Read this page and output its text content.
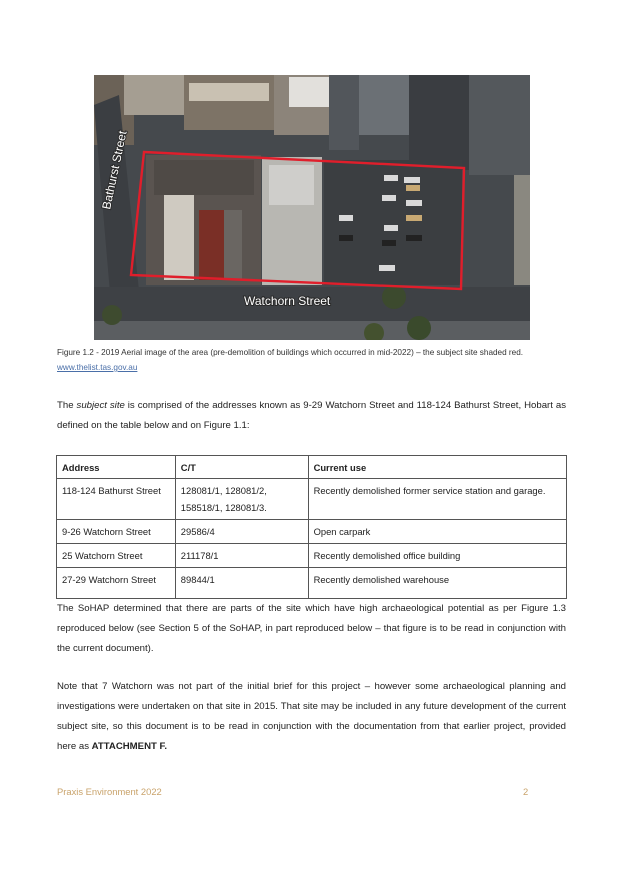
Bathurst Street
Watchorn Street
Figure 1.2 - 2019 Aerial image of the area (pre-demolition of buildings which occurred in mid-2022) – the subject site shaded red.
www.thelist.tas.gov.au
The subject site is comprised of the addresses known as 9-29 Watchorn Street and 118-124 Bathurst Street, Hobart as defined on the table below and on Figure 1.1:
Address	C/T	Current use
118-124 Bathurst Street	128081/1, 128081/2, 158518/1, 128081/3.	Recently demolished former service station and garage.
9-26 Watchorn Street	29586/4	Open carpark
25 Watchorn Street	211178/1	Recently demolished office building
27-29 Watchorn Street	89844/1	Recently demolished warehouse
The SoHAP determined that there are parts of the site which have high archaeological potential as per Figure 1.3 reproduced below (see Section 5 of the SoHAP, in part reproduced below – that figure is to be read in conjunction with the current document).
Note that 7 Watchorn was not part of the initial brief for this project – however some archaeological planning and investigations were undertaken on that site in 2015. That site may be included in any future development of the current subject site, so this document is to be read in conjunction with the documentation from that earlier project, provided here as ATTACHMENT F.
Praxis Environment 2022	2
